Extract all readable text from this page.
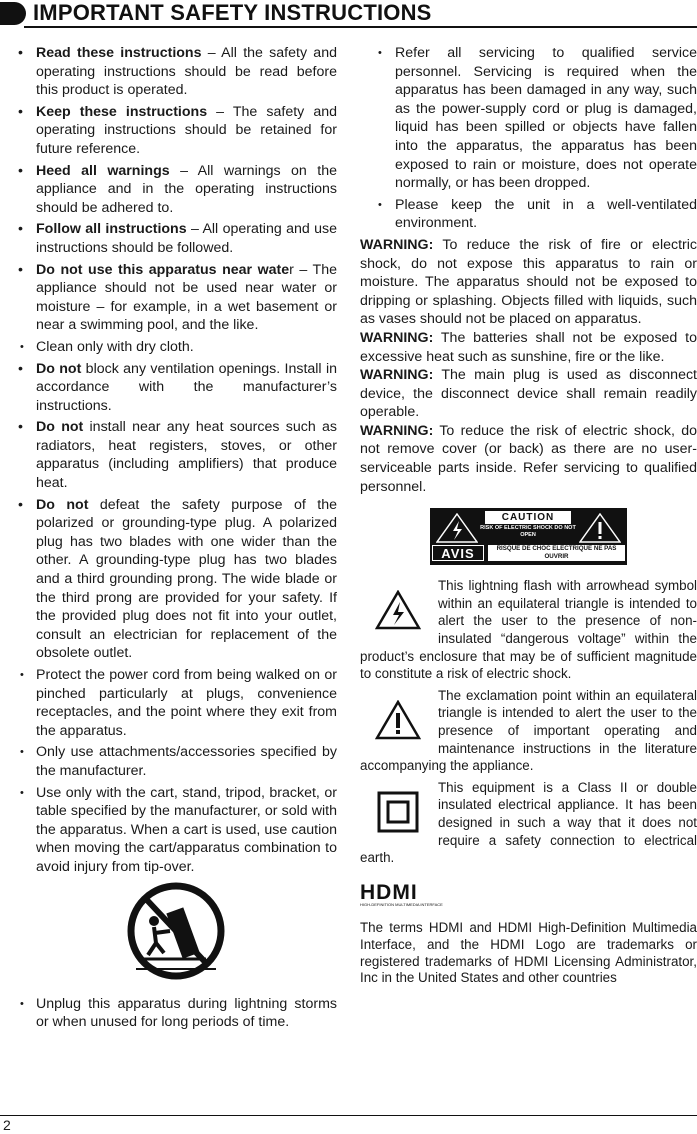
IMPORTANT SAFETY INSTRUCTIONS
• Read these instructions – All the safety and operating instructions should be read before this product is operated.
• Keep these instructions – The safety and operating instructions should be retained for future reference.
• Heed all warnings – All warnings on the appliance and in the operating instructions should be adhered to.
• Follow all instructions – All operating and use instructions should be followed.
• Do not use this apparatus near water – The appliance should not be used near water or moisture – for example, in a wet basement or near a swimming pool, and the like.
• Clean only with dry cloth.
• Do not block any ventilation openings. Install in accordance with the manufacturer’s instructions.
• Do not install near any heat sources such as radiators, heat registers, stoves, or other apparatus (including amplifiers) that produce heat.
• Do not defeat the safety purpose of the polarized or grounding-type plug. A polarized plug has two blades with one wider than the other. A grounding-type plug has two blades and a third grounding prong. The wide blade or the third prong are provided for your safety. If the provided plug does not fit into your outlet, consult an electrician for replacement of the obsolete outlet.
• Protect the power cord from being walked on or pinched particularly at plugs, convenience receptacles, and the point where they exit from the apparatus.
• Only use attachments/accessories specified by the manufacturer.
• Use only with the cart, stand, tripod, bracket, or table specified by the manufacturer, or sold with the apparatus. When a cart is used, use caution when moving the cart/apparatus combination to avoid injury from tip-over.
• Unplug this apparatus during lightning storms or when unused for long periods of time.
• Refer all servicing to qualified service personnel. Servicing is required when the apparatus has been damaged in any way, such as the power-supply cord or plug is damaged, liquid has been spilled or objects have fallen into the apparatus, the apparatus has been exposed to rain or moisture, does not operate normally, or has been dropped.
• Please keep the unit in a well-ventilated environment.

WARNING: To reduce the risk of fire or electric shock, do not expose this apparatus to rain or moisture. The apparatus should not be exposed to dripping or splashing. Objects filled with liquids, such as vases should not be placed on apparatus.

WARNING: The batteries shall not be exposed to excessive heat such as sunshine, fire or the like.

WARNING: The main plug is used as disconnect device, the disconnect device shall remain readily operable.

WARNING: To reduce the risk of electric shock, do not remove cover (or back) as there are no user-serviceable parts inside. Refer servicing to qualified personnel.

CAUTION
RISK OF ELECTRIC SHOCK DO NOT OPEN
AVIS	RISQUE DE CHOC ELECTRIQUE NE PAS OUVRIR

This lightning flash with arrowhead symbol within an equilateral triangle is intended to alert the user to the presence of non-insulated “dangerous voltage” within the product’s enclosure that may be of sufficient magnitude to constitute a risk of electric shock.

The exclamation point within an equilateral triangle is intended to alert the user to the presence of important operating and maintenance instructions in the literature accompanying the appliance.

This equipment is a Class II or double insulated electrical appliance. It has been designed in such a way that it does not require a safety connection to electrical earth.

HDMI
HIGH-DEFINITION MULTIMEDIA INTERFACE
The terms HDMI and HDMI High-Definition Multimedia Interface, and the HDMI Logo are trademarks or registered trademarks of HDMI Licensing Administrator, Inc in the United States and other countries
2
